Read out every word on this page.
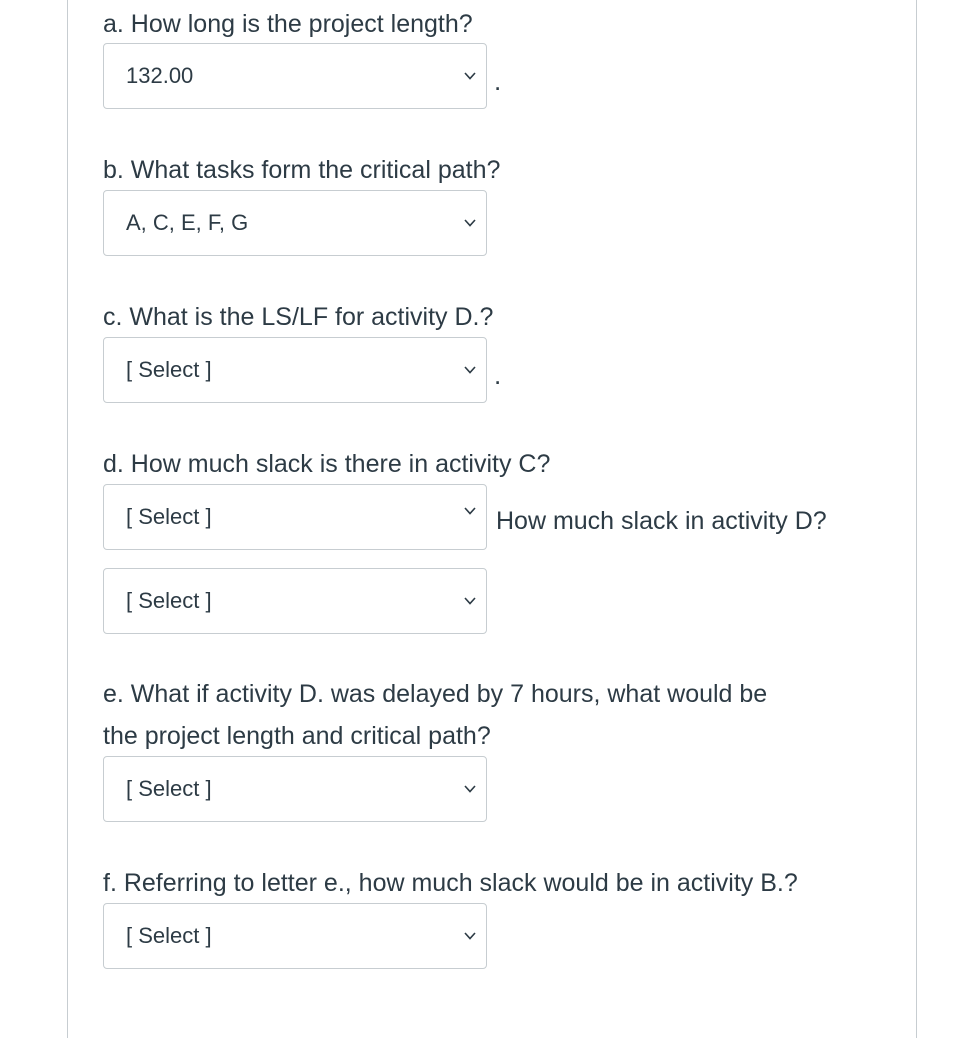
a. How long is the project length?
132.00	.
b. What tasks form the critical path?
A, C, E, F, G
c. What is the LS/LF for activity D.?
[ Select ]	.
d. How much slack is there in activity C?
[ Select ]	How much slack in activity D?
[ Select ]
e. What if activity D. was delayed by 7 hours, what would be
the project length and critical path?
[ Select ]
f. Referring to letter e., how much slack would be in activity B.?
[ Select ]
